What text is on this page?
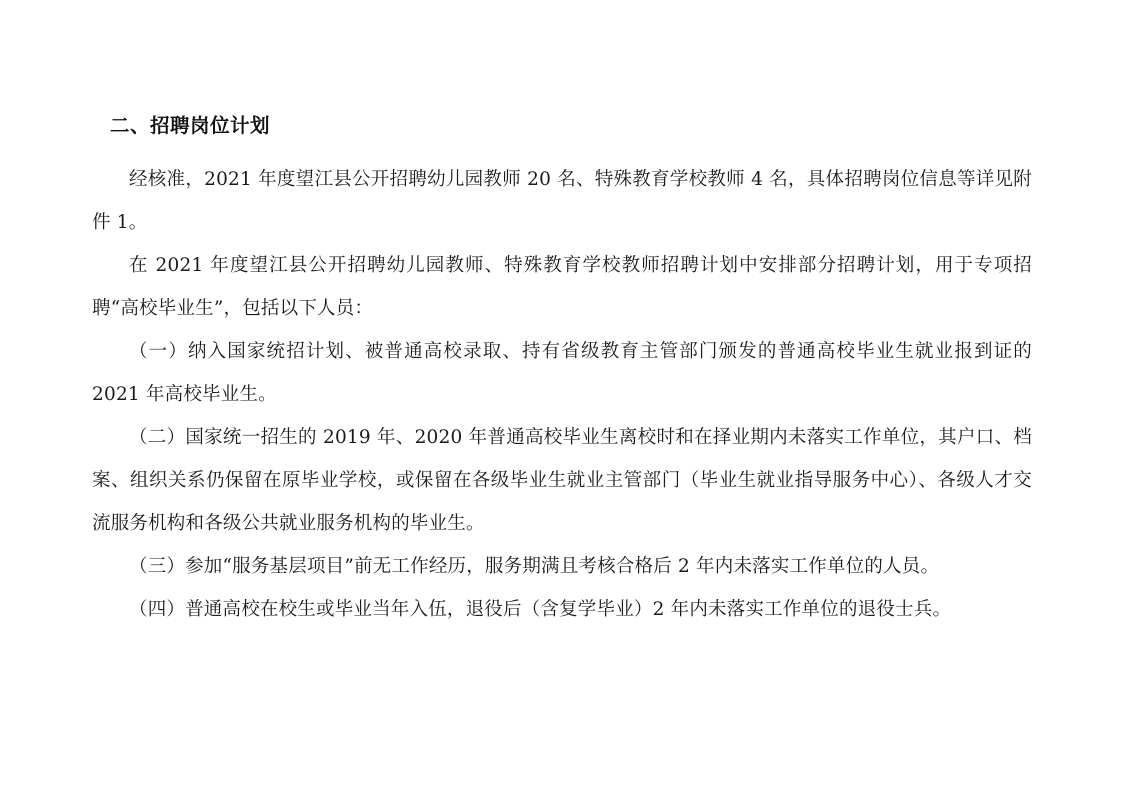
二、招聘岗位计划

经核准，2021 年度望江县公开招聘幼儿园教师 20 名、特殊教育学校教师 4 名，具体招聘岗位信息等详见附件 1。

在 2021 年度望江县公开招聘幼儿园教师、特殊教育学校教师招聘计划中安排部分招聘计划，用于专项招聘“高校毕业生”，包括以下人员：

（一）纳入国家统招计划、被普通高校录取、持有省级教育主管部门颁发的普通高校毕业生就业报到证的 2021 年高校毕业生。

（二）国家统一招生的 2019 年、2020 年普通高校毕业生离校时和在择业期内未落实工作单位，其户口、档案、组织关系仍保留在原毕业学校，或保留在各级毕业生就业主管部门（毕业生就业指导服务中心）、各级人才交流服务机构和各级公共就业服务机构的毕业生。

（三）参加“服务基层项目”前无工作经历，服务期满且考核合格后 2 年内未落实工作单位的人员。

（四）普通高校在校生或毕业当年入伍，退役后（含复学毕业）2 年内未落实工作单位的退役士兵。
